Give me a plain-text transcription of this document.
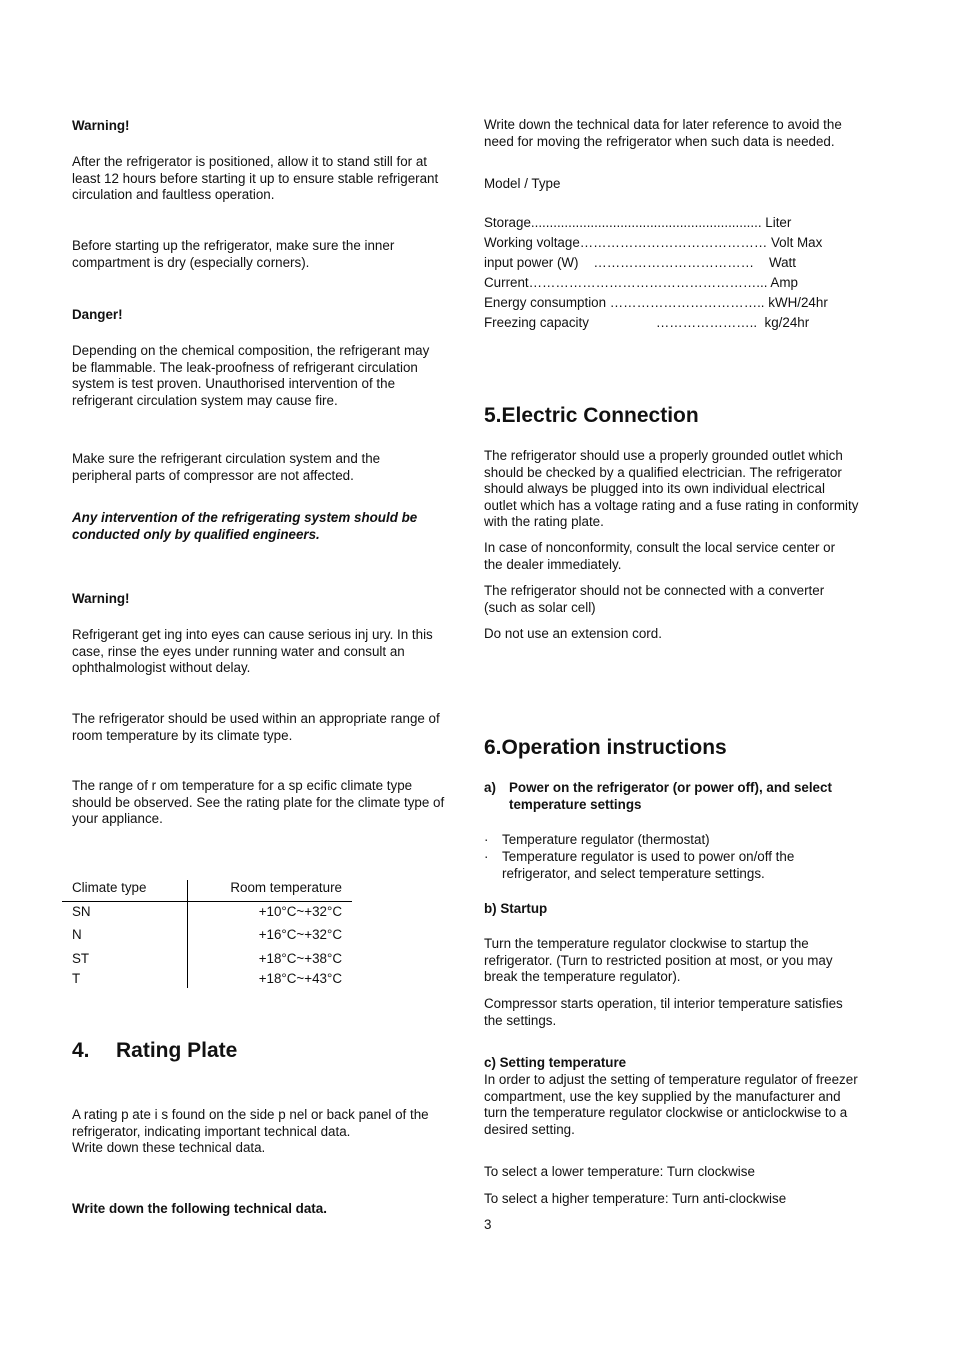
Warning!
After the refrigerator is positioned, allow it to stand still for at least 12 hours before starting it up to ensure stable refrigerant circulation and faultless operation.
Before starting up the refrigerator, make sure the inner compartment is dry (especially corners).
Danger!
Depending on the chemical composition, the refrigerant may be flammable. The leak-proofness of refrigerant circulation system is test proven. Unauthorised intervention of the refrigerant circulation system may cause fire.
Make sure the refrigerant circulation system and the peripheral parts of compressor are not affected.
Any intervention of the refrigerating system should be conducted only by qualified engineers.
Warning!
Refrigerant get ing into eyes can cause serious inj ury. In this case, rinse the eyes under running water and consult an ophthalmologist without delay.
The refrigerator should be used within an appropriate range of room temperature by its climate type.
The range of r om temperature for a sp ecific climate type should be observed. See the rating plate for the climate type of your appliance.
Climate type	Room temperature
SN	+10°C~+32°C
N	+16°C~+32°C
ST	+18°C~+38°C
T	+18°C~+43°C
4. Rating Plate
A rating p ate i s found on the side p nel or back panel of the refrigerator, indicating important technical data.
Write down these technical data.
Write down the following technical data.
Write down the technical data for later reference to avoid the need for moving the refrigerator when such data is needed.
Model / Type
Storage.............................................................. Liter
Working voltage…………………………………… Volt Max
input power (W)    ………………………………    Watt
Current……………………………………………... Amp
Energy consumption …………………………….. kWH/24hr
Freezing capacity                  …………………..  kg/24hr
5.Electric Connection
The refrigerator should use a properly grounded outlet which should be checked by a qualified electrician. The refrigerator should always be plugged into its own individual electrical outlet which has a voltage rating and a fuse rating in conformity with the rating plate.
In case of nonconformity, consult the local service center or the dealer immediately.
The refrigerator should not be connected with a converter (such as solar cell)
Do not use an extension cord.
6.Operation instructions
a) Power on the refrigerator (or power off), and select temperature settings
· Temperature regulator (thermostat)
· Temperature regulator is used to power on/off the refrigerator, and select temperature settings.
b) Startup
Turn the temperature regulator clockwise to startup the refrigerator. (Turn to restricted position at most, or you may break the temperature regulator).
Compressor starts operation, til interior temperature satisfies the settings.
c) Setting temperature
In order to adjust the setting of temperature regulator of freezer compartment, use the key supplied by the manufacturer and turn the temperature regulator clockwise or anticlockwise to a desired setting.
To select a lower temperature: Turn clockwise
To select a higher temperature: Turn anti-clockwise
3
